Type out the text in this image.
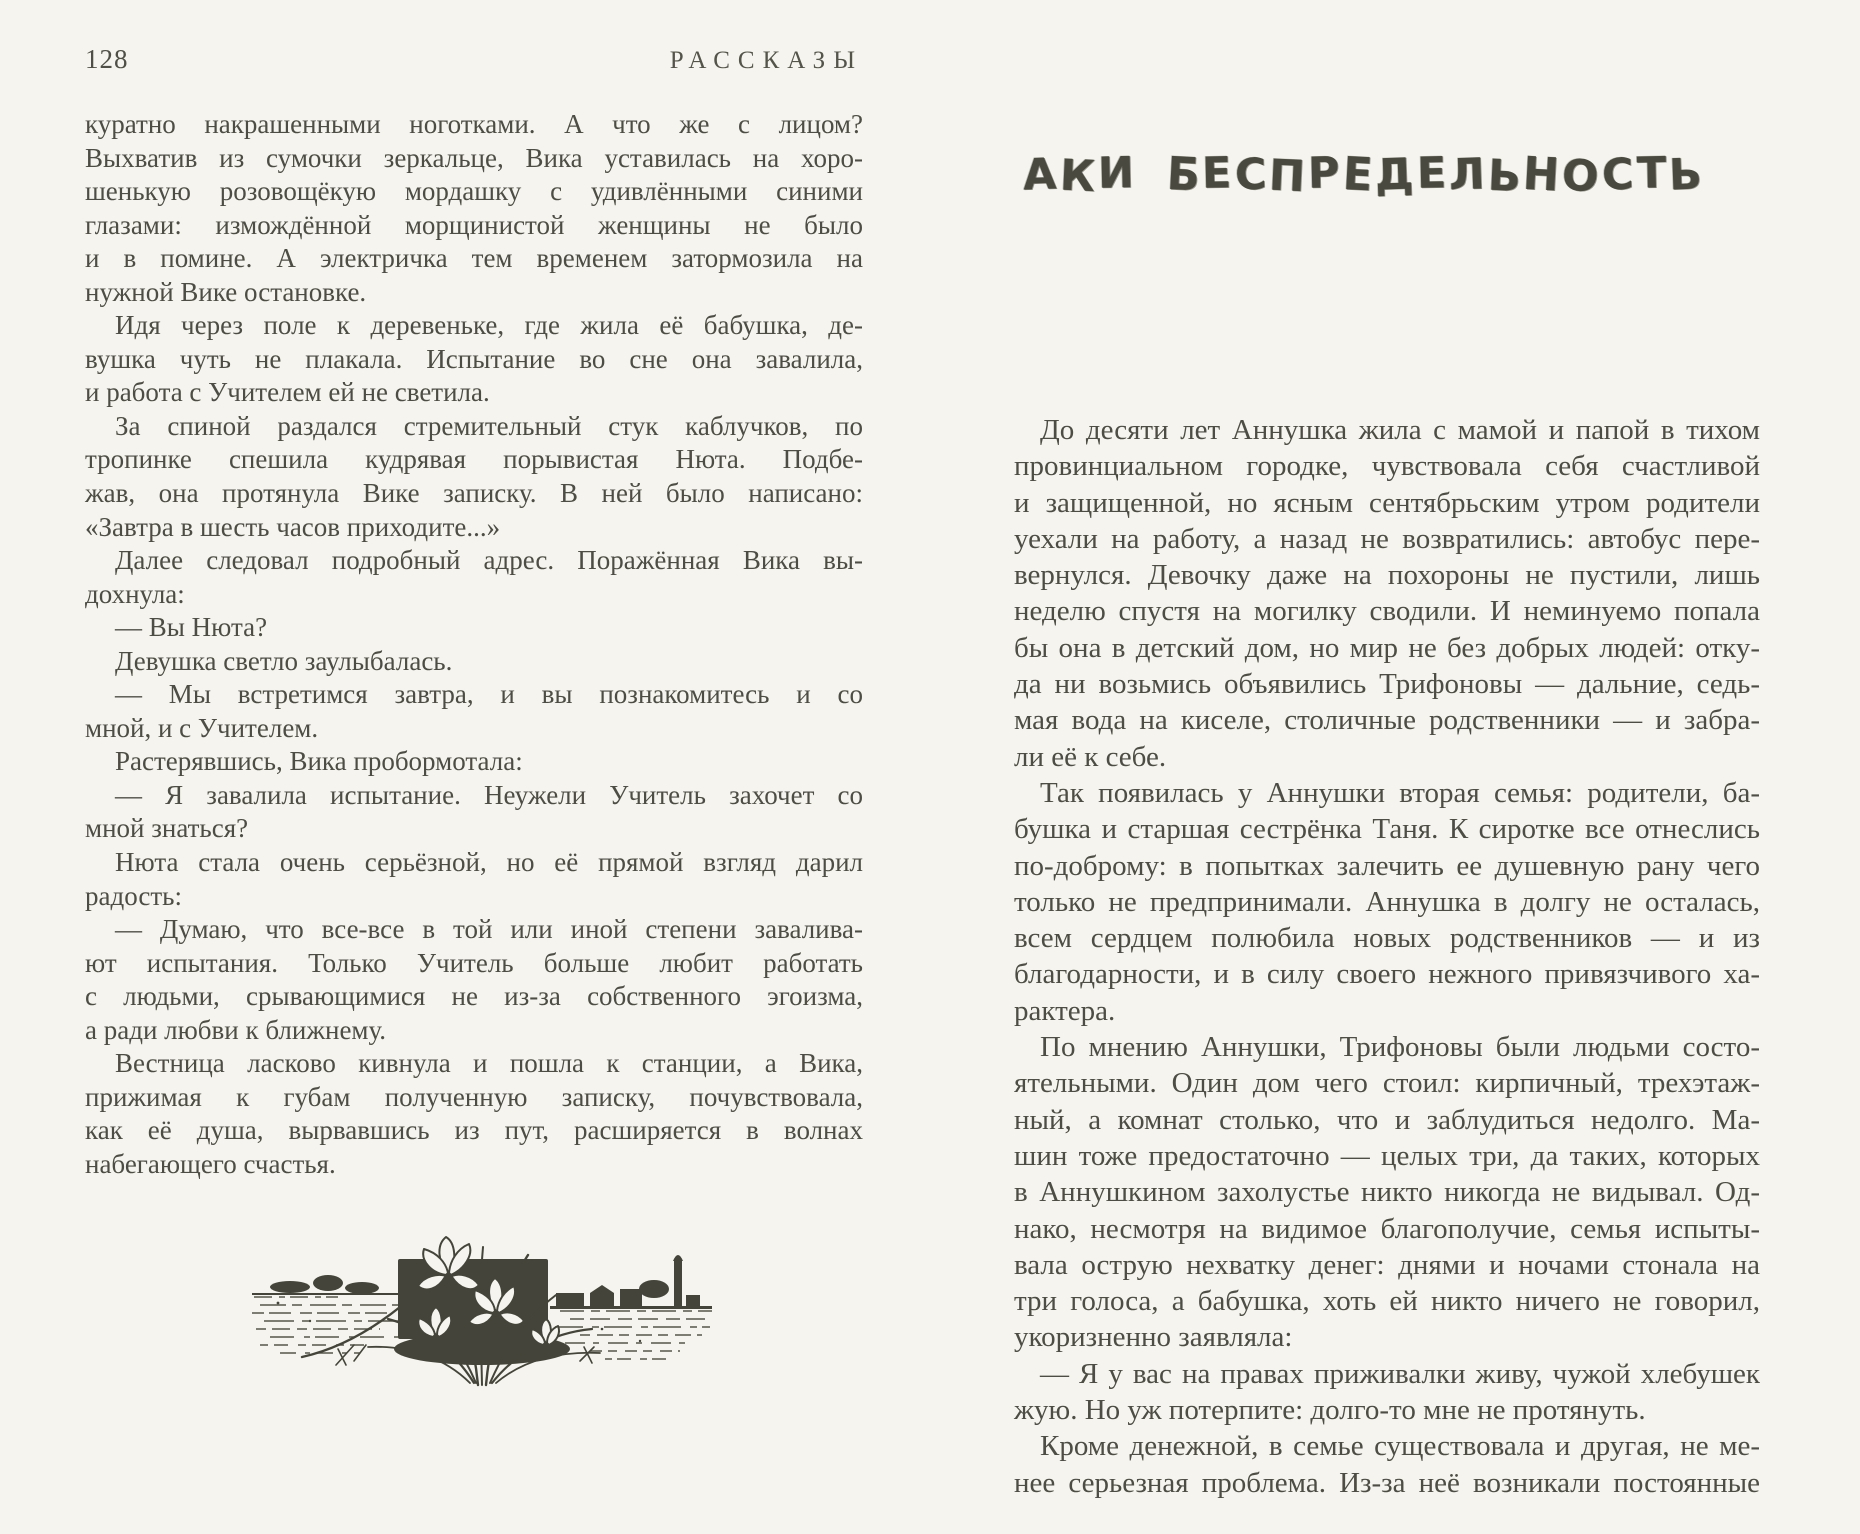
128	РАССКАЗЫ
куратно накрашенными ноготками. А что же с лицом?
Выхватив из сумочки зеркальце, Вика уставилась на хоро-
шенькую розовощёкую мордашку с удивлёнными синими
глазами: измождённой морщинистой женщины не было
и в помине. А электричка тем временем затормозила на
нужной Вике остановке.
Идя через поле к деревеньке, где жила её бабушка, де-
вушка чуть не плакала. Испытание во сне она завалила,
и работа с Учителем ей не светила.
За спиной раздался стремительный стук каблучков, по
тропинке спешила кудрявая порывистая Нюта. Подбе-
жав, она протянула Вике записку. В ней было написано:
«Завтра в шесть часов приходите...»
Далее следовал подробный адрес. Поражённая Вика вы-
дохнула:
— Вы Нюта?
Девушка светло заулыбалась.
— Мы встретимся завтра, и вы познакомитесь и со
мной, и с Учителем.
Растерявшись, Вика пробормотала:
— Я завалила испытание. Неужели Учитель захочет со
мной знаться?
Нюта стала очень серьёзной, но её прямой взгляд дарил
радость:
— Думаю, что все-все в той или иной степени завалива-
ют испытания. Только Учитель больше любит работать
с людьми, срывающимися не из-за собственного эгоизма,
а ради любви к ближнему.
Вестница ласково кивнула и пошла к станции, а Вика,
прижимая к губам полученную записку, почувствовала,
как её душа, вырвавшись из пут, расширяется в волнах
набегающего счастья.
АКИ БЕСПРЕДЕЛЬНОСТЬ
До десяти лет Аннушка жила с мамой и папой в тихом
провинциальном городке, чувствовала себя счастливой
и защищенной, но ясным сентябрьским утром родители
уехали на работу, а назад не возвратились: автобус пере-
вернулся. Девочку даже на похороны не пустили, лишь
неделю спустя на могилку сводили. И неминуемо попала
бы она в детский дом, но мир не без добрых людей: отку-
да ни возьмись объявились Трифоновы — дальние, седь-
мая вода на киселе, столичные родственники — и забра-
ли её к себе.
Так появилась у Аннушки вторая семья: родители, ба-
бушка и старшая сестрёнка Таня. К сиротке все отнеслись
по-доброму: в попытках залечить ее душевную рану чего
только не предпринимали. Аннушка в долгу не осталась,
всем сердцем полюбила новых родственников — и из
благодарности, и в силу своего нежного привязчивого ха-
рактера.
По мнению Аннушки, Трифоновы были людьми состо-
ятельными. Один дом чего стоил: кирпичный, трехэтаж-
ный, а комнат столько, что и заблудиться недолго. Ма-
шин тоже предостаточно — целых три, да таких, которых
в Аннушкином захолустье никто никогда не видывал. Од-
нако, несмотря на видимое благополучие, семья испыты-
вала острую нехватку денег: днями и ночами стонала на
три голоса, а бабушка, хоть ей никто ничего не говорил,
укоризненно заявляла:
— Я у вас на правах приживалки живу, чужой хлебушек
жую. Но уж потерпите: долго-то мне не протянуть.
Кроме денежной, в семье существовала и другая, не ме-
нее серьезная проблема. Из-за неё возникали постоянные
